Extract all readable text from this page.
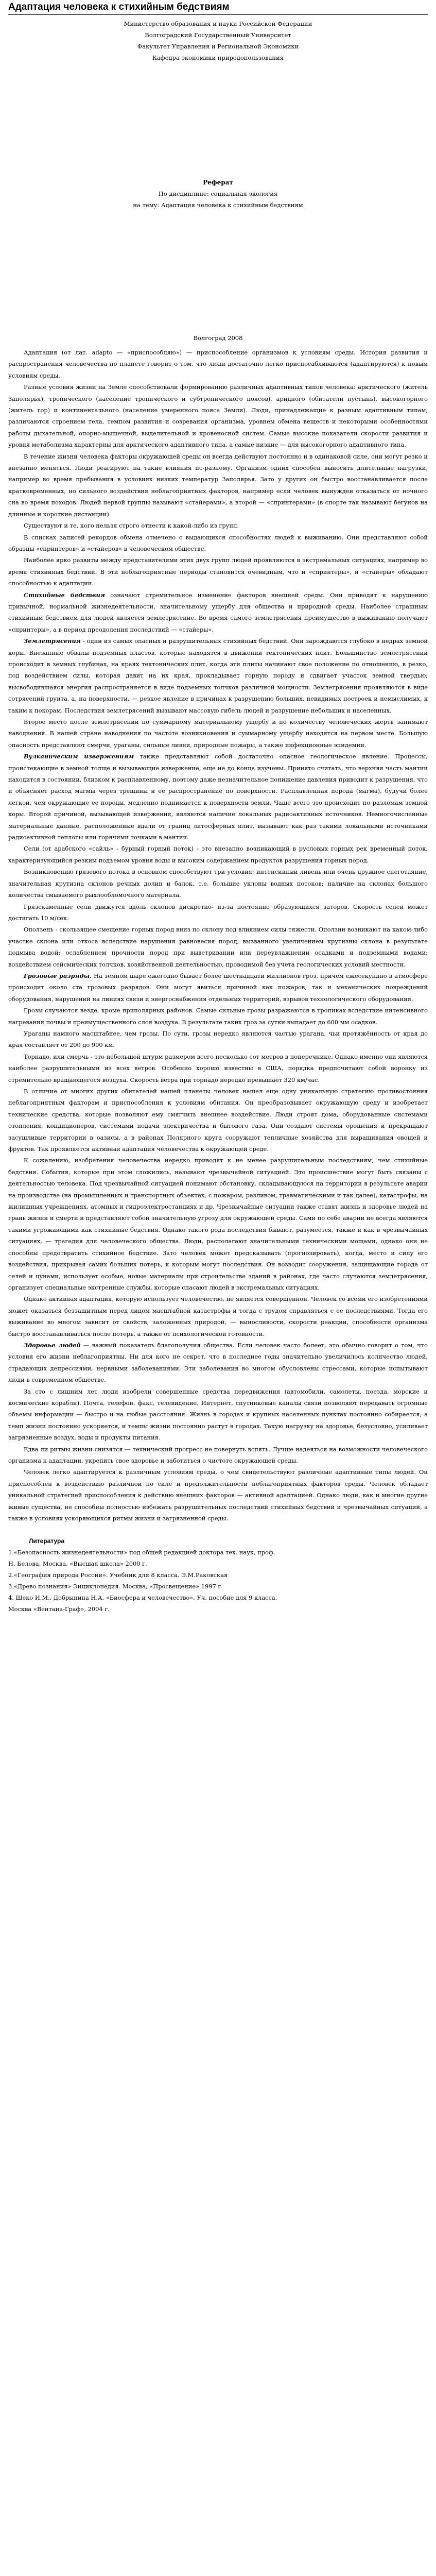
Адаптация человека к стихийным бедствиям

Министерство образования и науки Российской Федерации

Волгоградский Государственный Университет

Факультет Управления и Региональной Экономики

Кафедра экономики природопользования

Реферат

По дисциплине: социальная экология

на тему: Адаптация человека к стихийным бедствиям

Волгоград 2008

Адаптация (от лат. adapto — «приспособляю») — приспособление организмов к условиям среды. История развития и распространения человечества по планете говорит о том, что люди достаточно легко приспосабливаются (адаптируются) к новым условиям среды.

Разные условия жизни на Земле способствовали формированию различных адаптивных типов человека: арктического (житель Заполярья), тропического (население тропического и субтропического поясов), аридного (обитатели пустынь), высокогорного (житель гор) и континентального (население умеренного пояса Земли). Люди, принадлежащие к разным адаптивным типам, различаются строением тела, темпом развития и созревания организма, уровнем обмена веществ и некоторыми особенностями работы дыхательной, опорно-мышечной, выделительной и кровеносной систем. Самые высокие показатели скорости развития и уровня метаболизма характерны для арктического адаптивного типа, а самые низкие — для высокогорного адаптивного типа.

В течение жизни человека факторы окружающей среды он всегда действуют постоянно и в одинаковой силе, они могут резко и внезапно меняться. Люди реагируют на такие влияния по-разному. Организм одних способен выносить длительные нагрузки, например во время пребывания в условиях низких температур Заполярья. Зато у других он быстро восстанавливается после кратковременных, но сильного воздействия неблагоприятных факторов, например если человек вынужден отказаться от ночного сна во время походов. Людей первой группы называют «стайерами», а второй — «спринтерами» (в спорте так называют бегунов на длинные и короткие дистанции).

Существуют и те, кого нельзя строго отнести к какой-либо из групп.

В списках записей рекордов обмена отмечено с выдающихся способностях людей к выживанию. Они представляют собой образцы «спринтеров» и «стайеров» в человеческом обществе.

Наиболее ярко развиты между представителями этих двух групп людей проявляются в экстремальных ситуациях, например во время стихийных бедствий. В эти неблагоприятные периоды становится очевидным, что и «спринтеры», и «стайеры» обладают способностью к адаптации.

Стихийные бедствия означают стремительное изменение факторов внешней среды. Они приводят к нарушению привычной, нормальной жизнедеятельности, значительному ущербу для общества и природной среды. Наиболее страшным стихийным бедствием для людей является землетрясение. Во время самого землетрясения преимущество в выживанию получают «спринтеры», а в период преодоления последствий — «стайеры».

Землетрясения - одни из самых опасных и разрушительных стихийных бедствий. Они зарождаются глубоко в недрах земной коры. Внезапные обвалы подземных пластов, которые находятся в движении тектонических плит. Большинство землетрясений происходит в земных глубинах, на краях тектонических плит, когда эти плиты начинают свое положение по отношению, в резко, под воздействием силы, которая давит на их края, прокладывает горную породу и сдвигает участок земной твердью; высвободившаяся энергия распространяется в виде подземных толчков различной мощности. Землетрясения проявляются в виде сотрясений грунта, а, на поверхности, — резкое явление в причинах к разрушению больших, невидимых построек и немыслимых, к таким к покорам. Последствия землетрясений вызывают массовую гибель людей и разрушение небольших и населенных.

Второе место после землетрясений по суммарному материальному ущербу и по количеству человеческих жертв занимают наводнения. В нашей стране наводнения по частоте возникновения и суммарному ущербу находятся на первом месте. Большую опасность представляют смерчи, ураганы, сильные ливни, природные пожары, а также инфекционные эпидемии.

Вулканическим извержениям также представляют собой достаточно опасное геологическое явление. Процессы, проистекающие в земной толще и вызывающие извержение, еще не до конца изучены. Принято считать, что верхняя часть мантии находится в состоянии, близком к расплавленному, поэтому даже незначительное понижение давления приводит к разрушения, что и объясняет расход магмы через трещины и ее распространение по поверхности. Расплавленная порода (магма), будучи более легкой, чем окружающие ее породы, медленно поднимается к поверхности земли. Чаще всего это происходит по разломам земной коры. Второй причиной, вызывающей извержения, являются наличие локальных радиоактивных источников. Немногочисленные материальные данные, расположенные вдали от границ литосферных плит, вызывают как раз такими локальными источниками радиоактивной теплоты или горячими точками в мантии.

Сели (от арабского «сайль» - бурный горный поток) - это внезапно возникающий в русловых горных рек временный поток, характеризующийся резким подъемом уровня воды и высоким содержанием продуктов разрушения горных пород.

Возникновению грязевого потока в основном способствуют три условия: интенсивный ливень или очень дружное снеготаяние, значительная крутизна склонов речных долин и балок, т.е. большие уклоны водных потоков; наличие на склонах большого количества смываемого рыхлообломочного материала.

Грязекаменные сели движутся вдоль склонов дискретно- из-за постоянно образующихся заторов. Скорость селей может достигать 10 м/сек.

Оползень - скользящее смещение горных пород вниз по склону под влиянием силы тяжести. Оползни возникают на каком-либо участке склона или откоса вследствие нарушения равновесия пород, вызванного увеличением крутизны склона в результате подмыва водой; ослаблением прочности пород при выветривании или переувлажнении осадками и подземными водами; воздействием сейсмических толчков, хозяйственной деятельностью, проводимой без учета геологических условий местности.

Грозовые разряды. На земном шаре ежегодно бывает более шестнадцати миллионов гроз, причем ежесекундно в атмосфере происходит около ста грозовых разрядов. Они могут явиться причиной как пожаров, так и механических повреждений оборудования, нарушений на линиях связи и энергоснабжения отдельных территорий, взрывов технологического оборудования.

Грозы случаются везде, кроме приполярных районов. Самые сильные грозы разражаются в тропиках вследствие интенсивного нагревания почвы и преимущественного слоя воздуха. В результате таких гроз за сутки выпадает до 600 мм осадков.

Ураганы намного масштабнее, чем грозы. По сути, грозы нередко являются частью урагана, чьи протяжённость от края до края составляет от 200 до 900 км.

Торнадо, или смерчь - это небольшой штурм размером всего несколько сот метров в поперечнике. Однако именно они являются наиболее разрушительными из всех ветров. Особенно хорошо известны в США, порядка предпочитают собой воронку из стремительно вращающегося воздуха. Скорость ветра при торнадо нередко превышает 320 км/час.

В отличие от многих других обитателей нашей планеты человек нашел еще одну уникальную стратегию противостояния неблагоприятным факторам и приспособления к условиям обитания. Он преобразовывает окружающую среду и изобретает технические средства, которые позволяют ему смягчить внешнее воздействие. Люди строят дома, оборудованные системами отопления, кондиционеров, системами подачи электричества и бытового газа. Они создают системы орошения и прекращают засушливые территории в оазисы, а в районах Полярного круга сооружают тепличные хозяйства для выращивания овощей и фруктов. Так проявляется активная адаптация человечества к окружающей среде.

К сожалению, изобретения человечества нередко приводят к не менее разрушительным последствиям, чем стихийные бедствия. События, которые при этом сложились, называют чрезвычайной ситуацией. Это происшествие могут быть связаны с деятельностью человека. Под чрезвычайной ситуацией понимают обстановку, складывающуюся на территории в результате аварии на производстве (на промышленных и транспортных объектах, с пожаром, разливом, травматическими и так далее), катастрофы, на жилищных учреждениях, атомных и гидроэлектростанциях и др. Чрезвычайные ситуации также ставят жизнь и здоровье людей на грань жизни и смерти и представляют собой значительную угрозу для окружающей среды. Сами по себе аварии не всегда являются такими угрожающими как стихийные бедствия. Однако такого рода последствия бывают, разумеется, также и как в чрезвычайных ситуациях, — трагедия для человеческого общества. Люди, располагают значительными техническими мощами, однако они не способны предотвратить стихийное бедствие. Зато человек может предсказывать (прогнозировать), когда, место и силу его воздействия, прикрывая самих больших потерь, к которым могут последствия. Он возводит сооружения, защищающие города от селей и цунами, использует особые, новые материалы при строительстве зданий в районах, где часто случаются землетрясения, организует специальные экстренные службы, которые спасают людей в экстремальных ситуациях.

Однако активная адаптация, которую использует человечество, не является совершенной. Человек со всеми его изобретениями может оказаться беззащитным перед лицом масштабной катастрофы и тогда с трудом справляться с ее последствиями. Тогда его выживание во многом зависит от свойств, заложенных природой, — выносливости, скорости реакции, способности организма быстро восстанавливаться после потерь, а также от психологической готовности.

Здоровье людей — важный показатель благополучия общества. Если человек часто болеет, это обычно говорит о том, что условия его жизни неблагоприятны. Ни для кого не секрет, что в последнее годы значительно увеличилось количество людей, страдающих депрессиями, нервными заболеваниями. Эти заболевания во многом обусловлены стрессами, которые испытывают люди в современном обществе.

За сто с лишним лет люди изобрели совершенные средства передвижения (автомобили, самолеты, поезда, морские и космические корабли). Почта, телефон, факс, телевидение, Интернет, спутниковые каналы связи позволяют передавать огромные объемы информации — быстро и на любые расстояния. Жизнь в городах и крупных населенных пунктах постоянно собирается, а темп жизни постоянно ускоряется, и темпы жизни постоянно растут в городах. Такую нагрузку на здоровье, безусловно, усиливает загрязненные воздух, воды и продукты питания.

Едва ли ритмы жизни снизятся — технический прогресс не повернуть вспять. Лучше надеяться на возможности человеческого организма к адаптации, укрепить свое здоровье и заботиться о чистоте окружающей среды.

Человек легко адаптируется к различным условиям среды, о чем свидетельствуют различные адаптивные типы людей. Он приспособлен к воздействию различной по силе и продолжительности неблагоприятных факторов среды. Человек обладает уникальной стратегией приспособления к действию внешних факторов — активной адаптацией. Однако люди, как и многие другие живые существа, не способны полностью избежать разрушительных последствий стихийных бедствий и чрезвычайных ситуаций, а также в условиях ускоряющихся ритмы жизни и загрязненной среды.

Литература

1.«Безопасность жизнедеятельности» под общей редакцией доктора тех. наук, проф.

Н. Белова, Москва, «Высшая школа» 2000 г.

2.«География природа России». Учебник для 8 класса. Э.М.Раковская

3.«Древо познания» Энциклопедия. Москва, «Просвещение» 1997 г.

4. Шеко И.М., Добрынина Н.А. «Биосфера и человечество». Уч. пособие для 9 класса.

Москва «Вентана-Граф», 2004 г.
